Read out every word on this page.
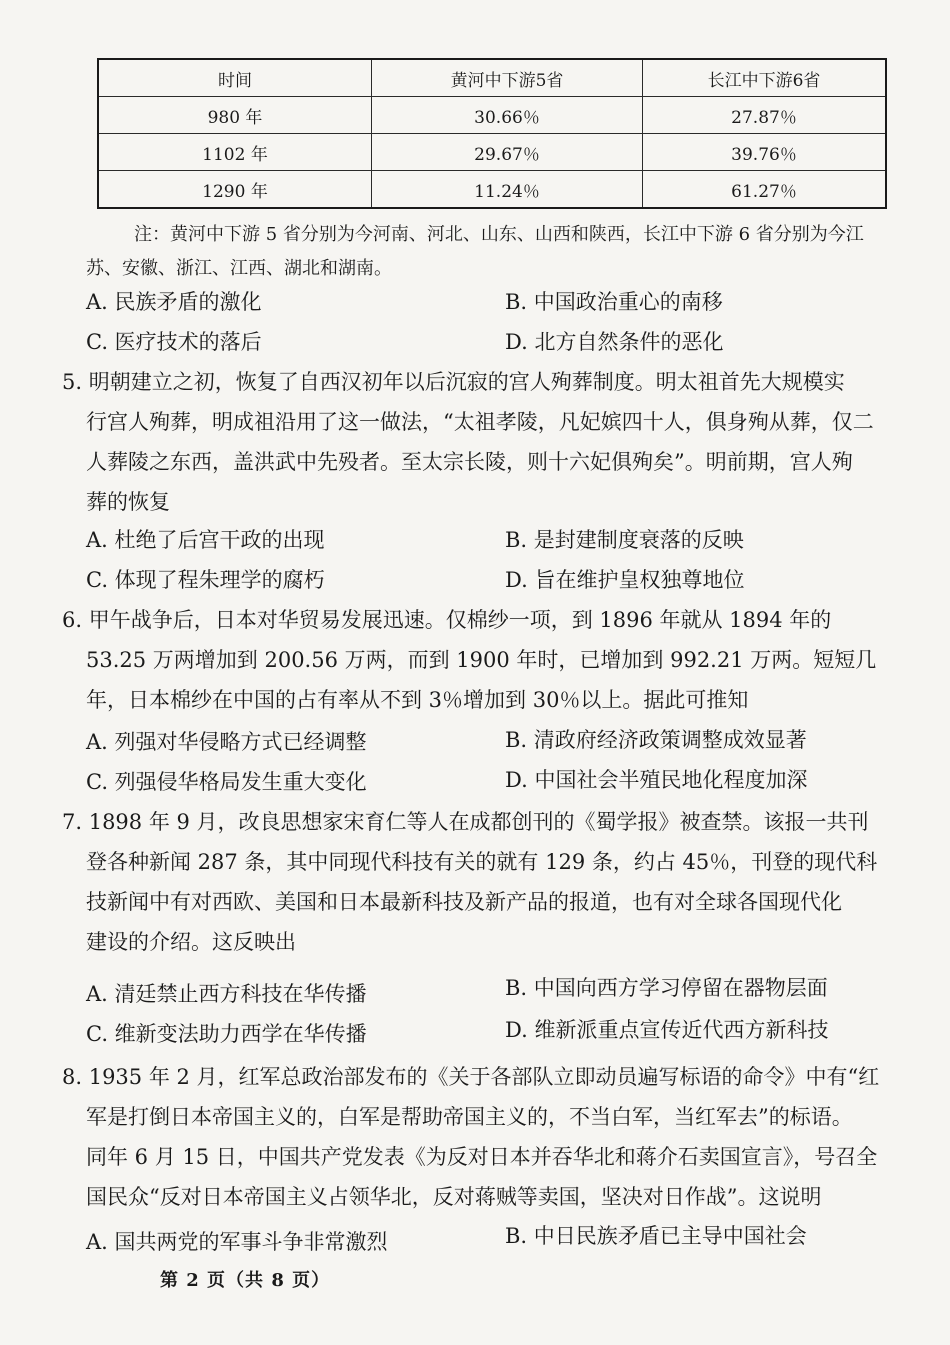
时间	黄河中下游5省	长江中下游6省
980 年	30.66％	27.87％
1102 年	29.67％	39.76％
1290 年	11.24％	61.27％
注：黄河中下游 5 省分别为今河南、河北、山东、山西和陕西，长江中下游 6 省分别为今江
苏、安徽、浙江、江西、湖北和湖南。
A. 民族矛盾的激化	B. 中国政治重心的南移
C. 医疗技术的落后	D. 北方自然条件的恶化
5. 明朝建立之初，恢复了自西汉初年以后沉寂的宫人殉葬制度。明太祖首先大规模实
行宫人殉葬，明成祖沿用了这一做法，“太祖孝陵，凡妃嫔四十人，俱身殉从葬，仅二
人葬陵之东西，盖洪武中先殁者。至太宗长陵，则十六妃俱殉矣”。明前期，宫人殉
葬的恢复
A. 杜绝了后宫干政的出现	B. 是封建制度衰落的反映
C. 体现了程朱理学的腐朽	D. 旨在维护皇权独尊地位
6. 甲午战争后，日本对华贸易发展迅速。仅棉纱一项，到 1896 年就从 1894 年的
53.25 万两增加到 200.56 万两，而到 1900 年时，已增加到 992.21 万两。短短几
年，日本棉纱在中国的占有率从不到 3％增加到 30％以上。据此可推知
A. 列强对华侵略方式已经调整	B. 清政府经济政策调整成效显著
C. 列强侵华格局发生重大变化	D. 中国社会半殖民地化程度加深
7. 1898 年 9 月，改良思想家宋育仁等人在成都创刊的《蜀学报》被查禁。该报一共刊
登各种新闻 287 条，其中同现代科技有关的就有 129 条，约占 45％，刊登的现代科
技新闻中有对西欧、美国和日本最新科技及新产品的报道，也有对全球各国现代化
建设的介绍。这反映出
A. 清廷禁止西方科技在华传播	B. 中国向西方学习停留在器物层面
C. 维新变法助力西学在华传播	D. 维新派重点宣传近代西方新科技
8. 1935 年 2 月，红军总政治部发布的《关于各部队立即动员遍写标语的命令》中有“红
军是打倒日本帝国主义的，白军是帮助帝国主义的，不当白军，当红军去”的标语。
同年 6 月 15 日，中国共产党发表《为反对日本并吞华北和蒋介石卖国宣言》，号召全
国民众“反对日本帝国主义占领华北，反对蒋贼等卖国，坚决对日作战”。这说明
A. 国共两党的军事斗争非常激烈	B. 中日民族矛盾已主导中国社会
第 2 页（共 8 页）
